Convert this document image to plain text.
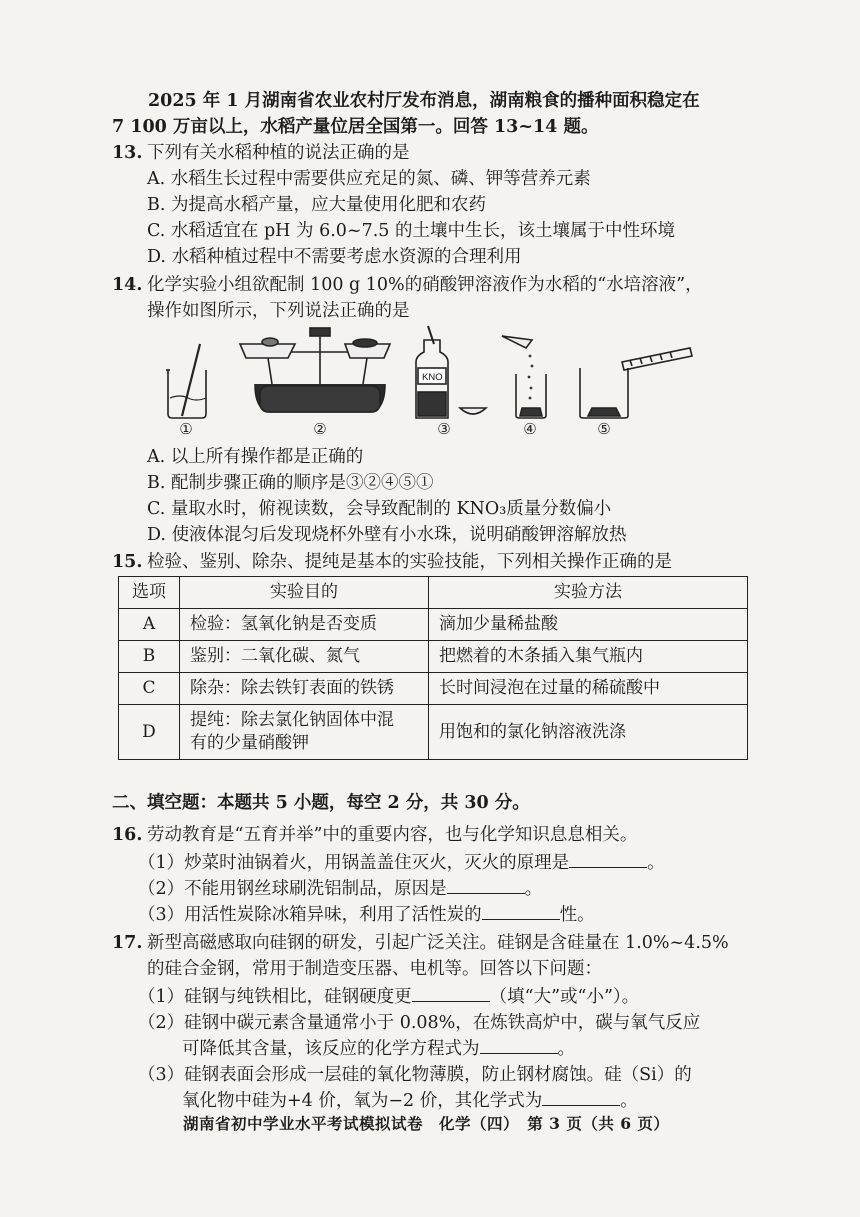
2025 年 1 月湖南省农业农村厅发布消息，湖南粮食的播种面积稳定在
7 100 万亩以上，水稻产量位居全国第一。回答 13~14 题。
13. 下列有关水稻种植的说法正确的是
A. 水稻生长过程中需要供应充足的氮、磷、钾等营养元素
B. 为提高水稻产量，应大量使用化肥和农药
C. 水稻适宜在 pH 为 6.0~7.5 的土壤中生长，该土壤属于中性环境
D. 水稻种植过程中不需要考虑水资源的合理利用
14. 化学实验小组欲配制 100 g 10%的硝酸钾溶液作为水稻的“水培溶液”，
操作如图所示，下列说法正确的是
KNO
①	②	③	④	⑤
A. 以上所有操作都是正确的
B. 配制步骤正确的顺序是③②④⑤①
C. 量取水时，俯视读数，会导致配制的 KNO₃质量分数偏小
D. 使液体混匀后发现烧杯外壁有小水珠，说明硝酸钾溶解放热
15. 检验、鉴别、除杂、提纯是基本的实验技能，下列相关操作正确的是
选项	实验目的	实验方法
A	检验：氢氧化钠是否变质	滴加少量稀盐酸
B	鉴别：二氧化碳、氮气	把燃着的木条插入集气瓶内
C	除杂：除去铁钉表面的铁锈	长时间浸泡在过量的稀硫酸中
D	提纯：除去氯化钠固体中混
有的少量硝酸钾	用饱和的氯化钠溶液洗涤
二、填空题：本题共 5 小题，每空 2 分，共 30 分。
16. 劳动教育是“五育并举”中的重要内容，也与化学知识息息相关。
（1）炒菜时油锅着火，用锅盖盖住灭火，灭火的原理是	。
（2）不能用钢丝球刷洗铝制品，原因是	。
（3）用活性炭除冰箱异味，利用了活性炭的	性。
17. 新型高磁感取向硅钢的研发，引起广泛关注。硅钢是含硅量在 1.0%~4.5%
的硅合金钢，常用于制造变压器、电机等。回答以下问题：
（1）硅钢与纯铁相比，硅钢硬度更	（填“大”或“小”）。
（2）硅钢中碳元素含量通常小于 0.08%，在炼铁高炉中，碳与氧气反应
可降低其含量，该反应的化学方程式为	。
（3）硅钢表面会形成一层硅的氧化物薄膜，防止钢材腐蚀。硅（Si）的
氧化物中硅为+4 价，氧为−2 价，其化学式为	。
湖南省初中学业水平考试模拟试卷　化学（四）　第 3 页（共 6 页）
